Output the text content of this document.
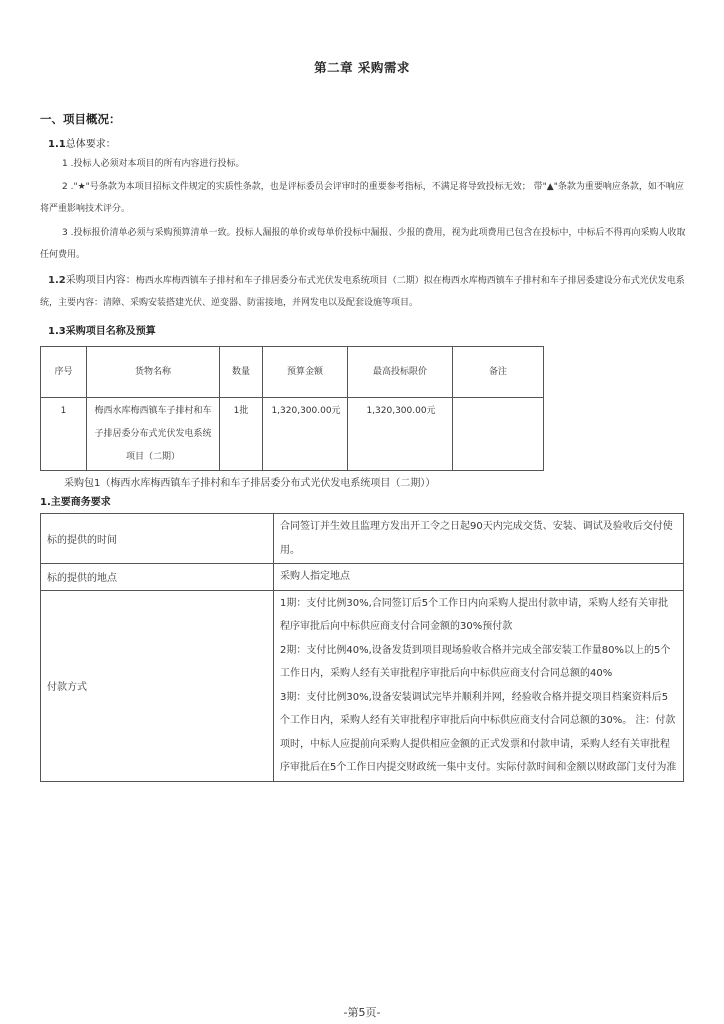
第二章 采购需求
一、项目概况：
1.1总体要求：
1 .投标人必须对本项目的所有内容进行投标。
2 ."★"号条款为本项目招标文件规定的实质性条款，也是评标委员会评审时的重要参考指标，不满足将导致投标无效； 带"▲"条款为重要响应条款，如不响应将严重影响技术评分。
3 .投标报价清单必须与采购预算清单一致。投标人漏报的单价或每单价投标中漏报、少报的费用，视为此项费用已包含在投标中，中标后不得再向采购人收取任何费用。
1.2采购项目内容：梅西水库梅西镇车子排村和车子排居委分布式光伏发电系统项目（二期）拟在梅西水库梅西镇车子排村和车子排居委建设分布式光伏发电系统，主要内容：清障、采购安装搭建光伏、逆变器、防雷接地，并网发电以及配套设施等项目。
1.3采购项目名称及预算
序号	货物名称	数量	预算金额	最高投标限价	备注
1	梅西水库梅西镇车子排村和车子排居委分布式光伏发电系统项目（二期）	1批	1,320,300.00元	1,320,300.00元	
采购包1（梅西水库梅西镇车子排村和车子排居委分布式光伏发电系统项目（二期））
1.主要商务要求
标的提供的时间	合同签订并生效且监理方发出开工令之日起90天内完成交货、安装、调试及验收后交付使用。
标的提供的地点	采购人指定地点
付款方式	1期：支付比例30%,合同签订后5个工作日内向采购人提出付款申请，采购人经有关审批程序审批后向中标供应商支付合同金额的30%预付款
2期：支付比例40%,设备发货到项目现场验收合格并完成全部安装工作量80%以上的5个工作日内，采购人经有关审批程序审批后向中标供应商支付合同总额的40%
3期：支付比例30%,设备安装调试完毕并顺利并网，经验收合格并提交项目档案资料后5个工作日内，采购人经有关审批程序审批后向中标供应商支付合同总额的30%。 注：付款项时，中标人应提前向采购人提供相应金额的正式发票和付款申请，采购人经有关审批程序审批后在5个工作日内提交财政统一集中支付。实际付款时间和金额以财政部门支付为准
-第5页-
